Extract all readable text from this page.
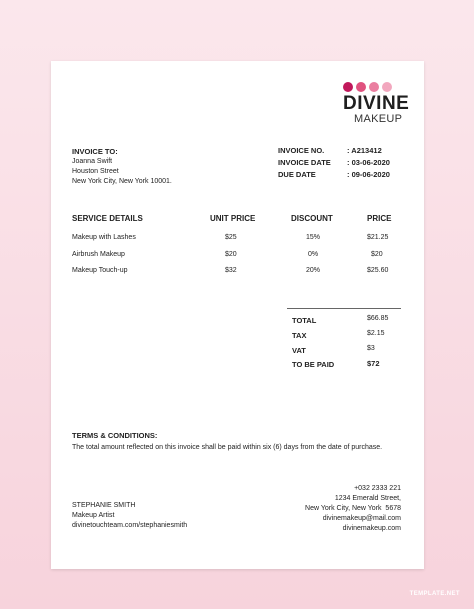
DIVINE
MAKEUP
INVOICE TO:
Joanna Swift
Houston Street
New York City, New York 10001.
INVOICE NO.	: A213412
INVOICE DATE : 03-06-2020
DUE DATE	: 09-06-2020
SERVICE DETAILS	UNIT PRICE	DISCOUNT	PRICE
Makeup with Lashes	$25	15%	$21.25
Airbrush Makeup	$20	0%	$20
Makeup Touch-up	$32	20%	$25.60
TOTAL	$66.85
TAX	$2.15
VAT	$3
TO BE PAID	$72
TERMS & CONDITIONS:
The total amount reflected on this invoice shall be paid within six (6) days from the date of purchase.
STEPHANIE SMITH
Makeup Artist
divinetouchteam.com/stephaniesmith
+032 2333 221
1234 Emerald Street,
New York City, New York  5678
divinemakeup@mail.com
divinemakeup.com
TEMPLATE.NET
